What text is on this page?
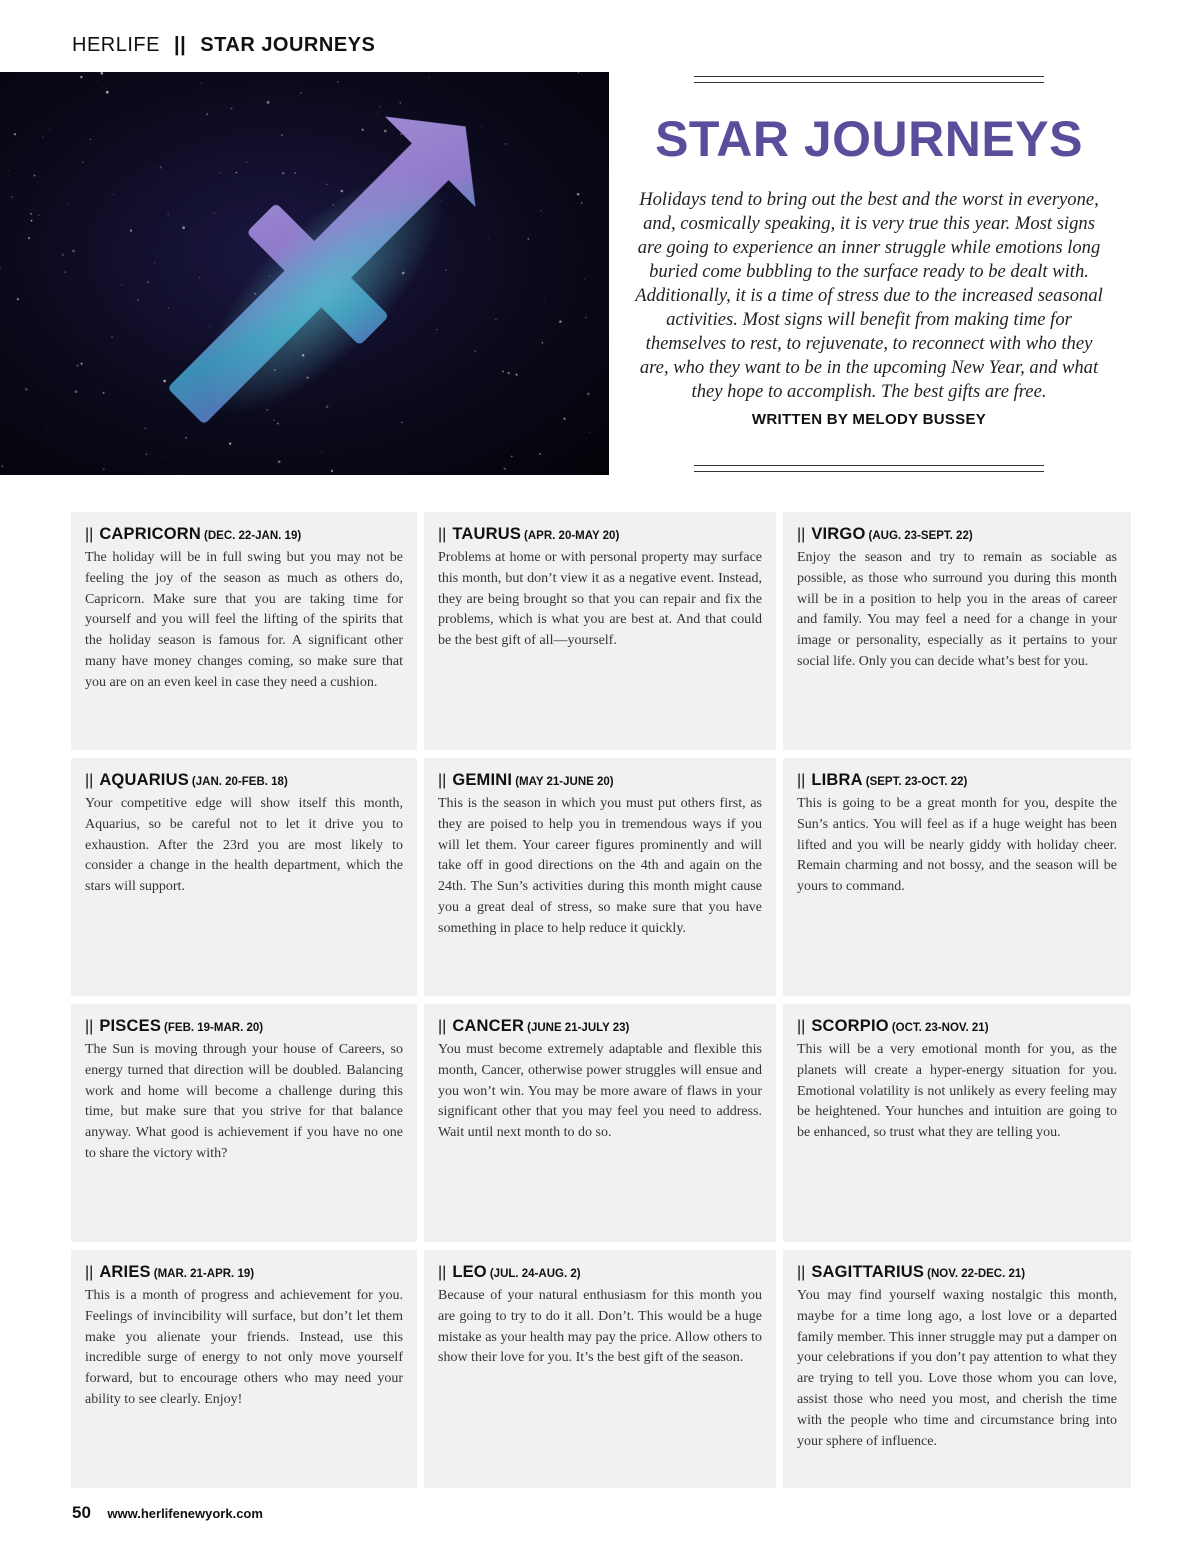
HERLIFE || STAR JOURNEYS
STAR JOURNEYS

Holidays tend to bring out the best and the worst in everyone, and, cosmically speaking, it is very true this year. Most signs are going to experience an inner struggle while emotions long buried come bubbling to the surface ready to be dealt with. Additionally, it is a time of stress due to the increased seasonal activities. Most signs will benefit from making time for themselves to rest, to rejuvenate, to reconnect with who they are, who they want to be in the upcoming New Year, and what they hope to accomplish. The best gifts are free.

WRITTEN BY MELODY BUSSEY

|| CAPRICORN (DEC. 22-JAN. 19)

The holiday will be in full swing but you may not be feeling the joy of the season as much as others do, Capricorn. Make sure that you are taking time for yourself and you will feel the lifting of the spirits that the holiday season is famous for. A significant other many have money changes coming, so make sure that you are on an even keel in case they need a cushion.

|| TAURUS (APR. 20-MAY 20)

Problems at home or with personal property may surface this month, but don’t view it as a negative event. Instead, they are being brought so that you can repair and fix the problems, which is what you are best at. And that could be the best gift of all—yourself.

|| VIRGO (AUG. 23-SEPT. 22)

Enjoy the season and try to remain as sociable as possible, as those who surround you during this month will be in a position to help you in the areas of career and family. You may feel a need for a change in your image or personality, especially as it pertains to your social life. Only you can decide what’s best for you.

|| AQUARIUS (JAN. 20-FEB. 18)

Your competitive edge will show itself this month, Aquarius, so be careful not to let it drive you to exhaustion. After the 23rd you are most likely to consider a change in the health department, which the stars will support.

|| GEMINI (MAY 21-JUNE 20)

This is the season in which you must put others first, as they are poised to help you in tremendous ways if you will let them. Your career figures prominently and will take off in good directions on the 4th and again on the 24th. The Sun’s activities during this month might cause you a great deal of stress, so make sure that you have something in place to help reduce it quickly.

|| LIBRA (SEPT. 23-OCT. 22)

This is going to be a great month for you, despite the Sun’s antics. You will feel as if a huge weight has been lifted and you will be nearly giddy with holiday cheer. Remain charming and not bossy, and the season will be yours to command.

|| PISCES (FEB. 19-MAR. 20)

The Sun is moving through your house of Careers, so energy turned that direction will be doubled. Balancing work and home will become a challenge during this time, but make sure that you strive for that balance anyway. What good is achievement if you have no one to share the victory with?

|| CANCER (JUNE 21-JULY 23)

You must become extremely adaptable and flexible this month, Cancer, otherwise power struggles will ensue and you won’t win. You may be more aware of flaws in your significant other that you may feel you need to address. Wait until next month to do so.

|| SCORPIO (OCT. 23-NOV. 21)

This will be a very emotional month for you, as the planets will create a hyper-energy situation for you. Emotional volatility is not unlikely as every feeling may be heightened. Your hunches and intuition are going to be enhanced, so trust what they are telling you.

|| ARIES (MAR. 21-APR. 19)

This is a month of progress and achievement for you. Feelings of invincibility will surface, but don’t let them make you alienate your friends. Instead, use this incredible surge of energy to not only move yourself forward, but to encourage others who may need your ability to see clearly. Enjoy!

|| LEO (JUL. 24-AUG. 2)

Because of your natural enthusiasm for this month you are going to try to do it all. Don’t. This would be a huge mistake as your health may pay the price. Allow others to show their love for you. It’s the best gift of the season.

|| SAGITTARIUS (NOV. 22-DEC. 21)

You may find yourself waxing nostalgic this month, maybe for a time long ago, a lost love or a departed family member. This inner struggle may put a damper on your celebrations if you don’t pay attention to what they are trying to tell you. Love those whom you can love, assist those who need you most, and cherish the time with the people who time and circumstance bring into your sphere of influence.

50 www.herlifenewyork.com
